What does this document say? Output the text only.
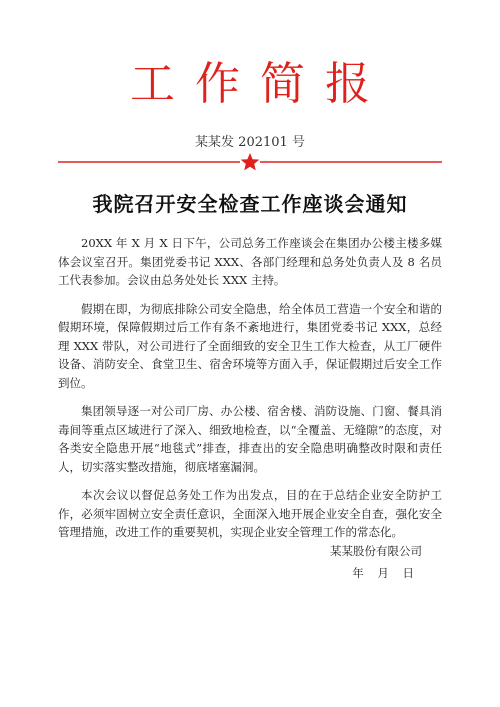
工作简报
某某发 202101 号
我院召开安全检查工作座谈会通知

20XX 年 X 月 X 日下午，公司总务工作座谈会在集团办公楼主楼多媒体会议室召开。集团党委书记 XXX、各部门经理和总务处负责人及 8 名员工代表参加。会议由总务处处长 XXX 主持。

假期在即，为彻底排除公司安全隐患，给全体员工营造一个安全和谐的假期环境，保障假期过后工作有条不紊地进行，集团党委书记 XXX，总经理 XXX 带队，对公司进行了全面细致的安全卫生工作大检查，从工厂硬件设备、消防安全、食堂卫生、宿舍环境等方面入手，保证假期过后安全工作到位。

集团领导逐一对公司厂房、办公楼、宿舍楼、消防设施、门窗、餐具消毒间等重点区域进行了深入、细致地检查，以“全覆盖、无缝隙”的态度，对各类安全隐患开展“地毯式”排查，排查出的安全隐患明确整改时限和责任人，切实落实整改措施，彻底堵塞漏洞。

本次会议以督促总务处工作为出发点，目的在于总结企业安全防护工作，必须牢固树立安全责任意识，全面深入地开展企业安全自查，强化安全管理措施，改进工作的重要契机，实现企业安全管理工作的常态化。

某某股份有限公司
年 月 日
